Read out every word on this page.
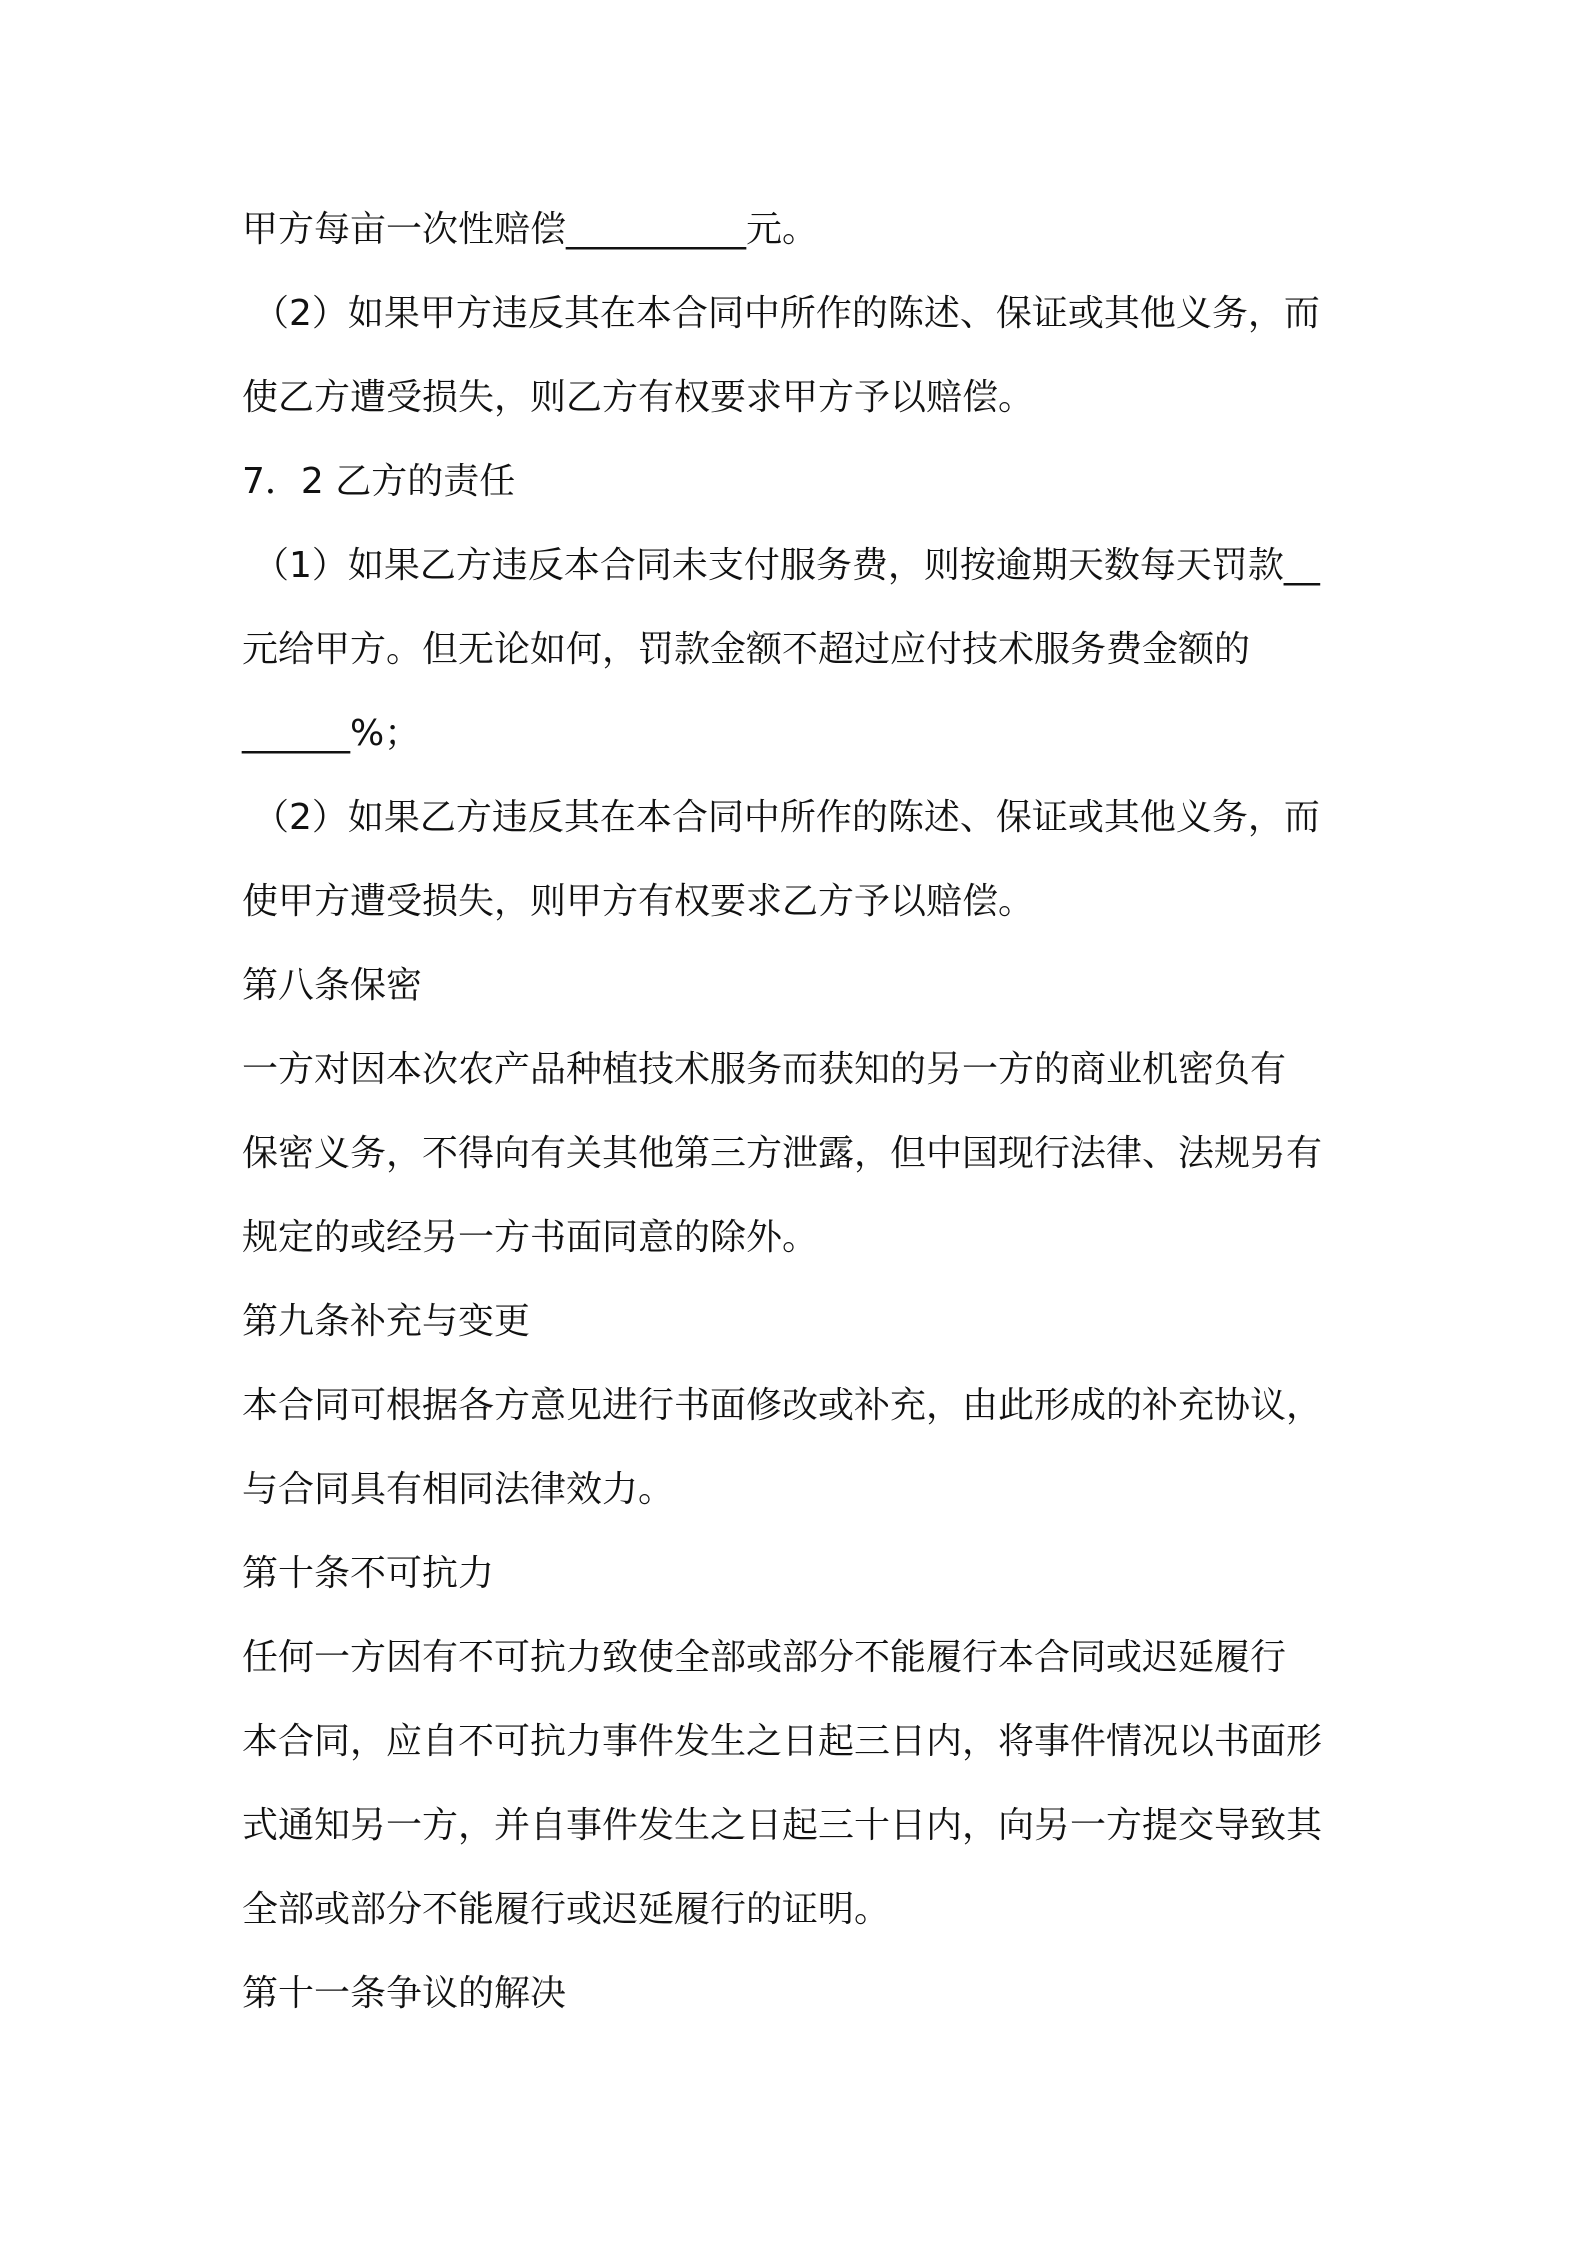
甲方每亩一次性赔偿__________元。
（2）如果甲方违反其在本合同中所作的陈述、保证或其他义务，而
使乙方遭受损失，则乙方有权要求甲方予以赔偿。
7．2 乙方的责任
（1）如果乙方违反本合同未支付服务费，则按逾期天数每天罚款__
元给甲方。但无论如何，罚款金额不超过应付技术服务费金额的
______%；
（2）如果乙方违反其在本合同中所作的陈述、保证或其他义务，而
使甲方遭受损失，则甲方有权要求乙方予以赔偿。
第八条保密
一方对因本次农产品种植技术服务而获知的另一方的商业机密负有
保密义务，不得向有关其他第三方泄露，但中国现行法律、法规另有
规定的或经另一方书面同意的除外。
第九条补充与变更
本合同可根据各方意见进行书面修改或补充，由此形成的补充协议，
与合同具有相同法律效力。
第十条不可抗力
任何一方因有不可抗力致使全部或部分不能履行本合同或迟延履行
本合同，应自不可抗力事件发生之日起三日内，将事件情况以书面形
式通知另一方，并自事件发生之日起三十日内，向另一方提交导致其
全部或部分不能履行或迟延履行的证明。
第十一条争议的解决
